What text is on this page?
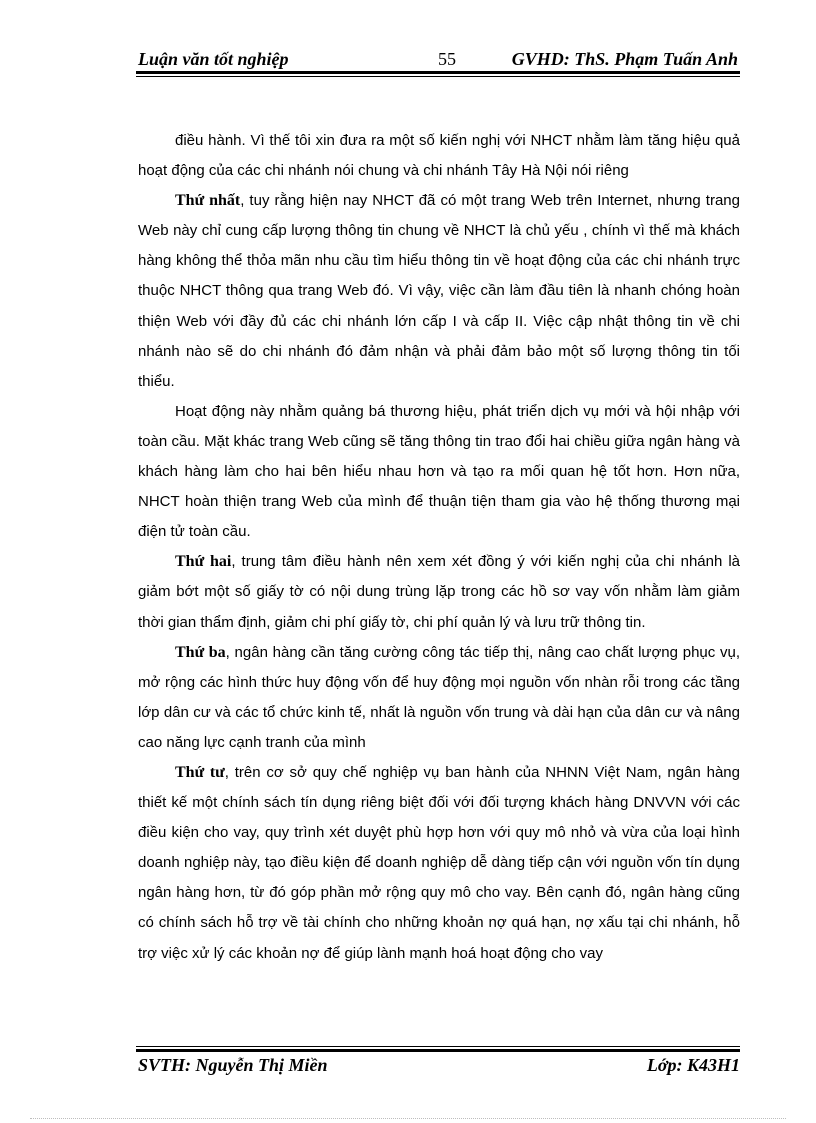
Luận văn tốt nghiệp	55	GVHD: ThS. Phạm Tuấn Anh

điều hành. Vì thế tôi xin đưa ra một số kiến nghị với NHCT nhằm làm tăng hiệu quả hoạt động của các chi nhánh nói chung và chi nhánh Tây Hà Nội nói riêng

Thứ nhất, tuy rằng hiện nay NHCT đã có một trang Web trên Internet, nhưng trang Web này chỉ cung cấp lượng thông tin chung về NHCT là chủ yếu , chính vì thế mà khách hàng không thể thỏa mãn nhu cầu tìm hiểu thông tin về hoạt động của các chi nhánh trực thuộc NHCT thông qua trang Web đó. Vì vậy, việc cần làm đầu tiên là nhanh chóng hoàn thiện Web với đầy đủ các chi nhánh lớn cấp I và cấp II. Việc cập nhật thông tin về chi nhánh nào sẽ do chi nhánh đó đảm nhận và phải đảm bảo một số lượng thông tin tối thiểu.

Hoạt động này nhằm quảng bá thương hiệu, phát triển dịch vụ mới và hội nhập với toàn cầu. Mặt khác trang Web cũng sẽ tăng thông tin trao đổi hai chiều giữa ngân hàng và khách hàng làm cho hai bên hiểu nhau hơn và tạo ra mối quan hệ tốt hơn. Hơn nữa, NHCT hoàn thiện trang Web của mình để thuận tiện tham gia vào hệ thống thương mại điện tử toàn cầu.

Thứ hai, trung tâm điều hành nên xem xét đồng ý với kiến nghị của chi nhánh là giảm bớt một số giấy tờ có nội dung trùng lặp trong các hồ sơ vay vốn nhằm làm giảm thời gian thẩm định, giảm chi phí giấy tờ, chi phí quản lý và lưu trữ thông tin.

Thứ ba, ngân hàng cần tăng cường công tác tiếp thị, nâng cao chất lượng phục vụ, mở rộng các hình thức huy động vốn để huy động mọi nguồn vốn nhàn rỗi trong các tầng lớp dân cư và các tổ chức kinh tế, nhất là nguồn vốn trung và dài hạn của dân cư và nâng cao năng lực cạnh tranh của mình

Thứ tư, trên cơ sở quy chế nghiệp vụ ban hành của NHNN Việt Nam, ngân hàng thiết kế một chính sách tín dụng riêng biệt đối với đối tượng khách hàng DNVVN với các điều kiện cho vay, quy trình xét duyệt phù hợp hơn với quy mô nhỏ và vừa của loại hình doanh nghiệp này, tạo điều kiện để doanh nghiệp dễ dàng tiếp cận với nguồn vốn tín dụng ngân hàng hơn, từ đó góp phần mở rộng quy mô cho vay. Bên cạnh đó, ngân hàng cũng có chính sách hỗ trợ về tài chính cho những khoản nợ quá hạn, nợ xấu tại chi nhánh, hỗ trợ việc xử lý các khoản nợ để giúp lành mạnh hoá hoạt động cho vay

SVTH: Nguyễn Thị Miền	Lớp: K43H1
